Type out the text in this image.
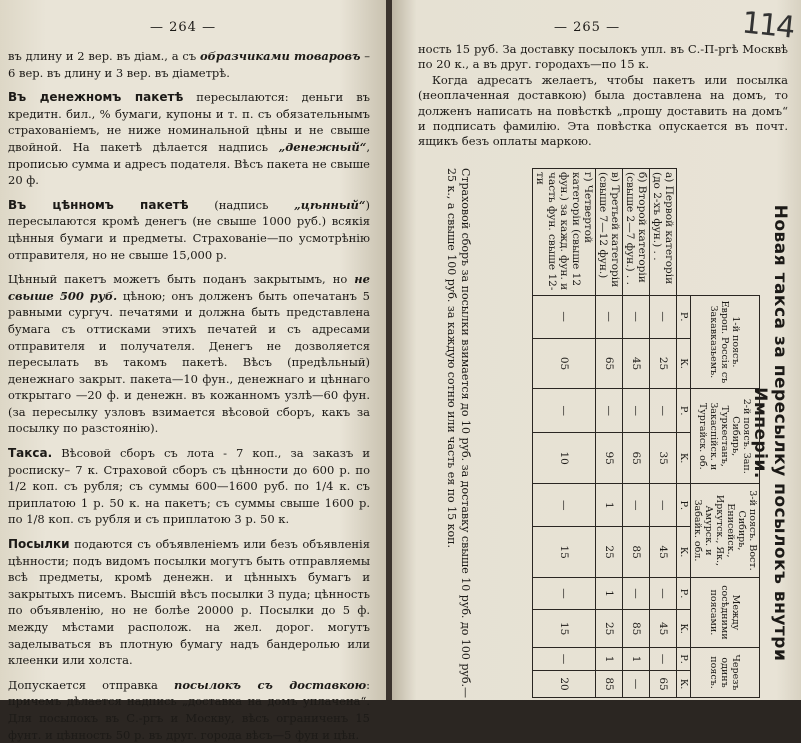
— 264 —

въ длину и 2 вер. въ діам., а съ образчиками товаровъ – 6 вер. въ длину и 3 вер. въ діаметрѣ.

Въ денежномъ пакетѣ пересылаются: деньги въ кредитн. бил., % бумаги, купоны и т. п. съ обязательнымъ страхованіемъ, не ниже номинальной цѣны и не свыше двойной. На пакетѣ дѣлается надпись „денежный“, прописью сумма и адресъ подателя. Вѣсъ пакета не свыше 20 ф.

Въ цѣнномъ пакетѣ (надпись „цѣнный“) пересылаются кромѣ денегъ (не свыше 1000 руб.) всякія цѣнныя бумаги и предметы. Страхованіе—по усмотрѣнію отправителя, но не свыше 15,000 р.

Цѣнный пакетъ можетъ быть поданъ закрытымъ, но не свыше 500 руб. цѣною; онъ долженъ быть опечатанъ 5 равными сургуч. печатями и должна быть представлена бумага съ оттисками этихъ печатей и съ адресами отправителя и получателя. Денегъ не дозволяется пересылать въ такомъ пакетѣ. Вѣсъ (предѣльный) денежнаго закрыт. пакета—10 фун., денежнаго и цѣннаго открытаго —20 ф. и денежн. въ кожанномъ узлѣ—60 фун. (за пересылку узловъ взимается вѣсовой сборъ, какъ за посылку по разстоянію).

Такса. Вѣсовой сборъ съ лота - 7 коп., за заказъ и росписку– 7 к. Страховой сборъ съ цѣнности до 600 р. по 1/2 коп. съ рубля; съ суммы 600—1600 руб. по 1/4 к. съ приплатою 1 р. 50 к. на пакетъ; съ суммы свыше 1600 р. по 1/8 коп. съ рубля и съ приплатою 3 р. 50 к.

Посылки подаются съ объявленіемъ или безъ объявленія цѣнности; подъ видомъ посылки могутъ быть отправляемы всѣ предметы, кромѣ денежн. и цѣнныхъ бумагъ и закрытыхъ писемъ. Высшій вѣсъ посылки 3 пуда; цѣнность по объявленію, но не болѣе 20000 р. Посылки до 5 ф. между мѣстами располож. на жел. дорог. могутъ заделываться въ плотную бумагу надъ бандеролью или клеенки или холста.

Допускается отправка посылокъ съ доставкою: причемъ дѣлается надпись „доставка на домъ уплачена“. Для посылокъ въ С.-ргъ и Москву, вѣсъ ограниченъ 15 фунт. и цѣнность 50 р. въ друг. города вѣсъ—5 фун и цѣн.

— 265 —	114

ность 15 руб. За доставку посылокъ упл. въ С.-П-ргѣ Москвѣ по 20 к., а въ друг. городахъ—по 15 к.

Когда адресатъ желаетъ, чтобы пакетъ или посылка (неоплаченная доставкою) была доставлена на домъ, то долженъ написать на повѣсткѣ „прошу доставить на домъ“ и подписать фамилію. Эта повѣстка опускается въ почт. ящикъ безъ оплаты маркою.

Новая такса за пересылку посылокъ внутри Имперіи.
	1-й поясъ. Европ. Россія съ Закавказьемъ.		2-й поясъ. Зап. Сибирь, Туркестанъ, Закаспійск. и Тургайск. об.		3-й поясъ. Вост. Сибирь, Енисейск., Иркутск., Як., Амурск. и Забайк. обл.		Между сосѣдними поясами.		Черезъ одинъ поясъ.	
	Р.	К.	Р.	К.	Р.	К.	Р.	К.	Р.	К.
а) Первой категоріи (до 2-хъ фун.) . .	—	25	—	35	—	45	—	45	—	65
б) Второй категоріи (свыше 2—7 фун.) . .	—	45	—	65	—	85	—	85	1	—
в) Третьей категоріи (свыше 7—12 фун.)	—	65	—	95	1	25	1	25	1	85
г) Четвертой категоріи (свыше 12 фун.) за кажд. фун. и часть фун. свыше 12-ти	—	05	—	10	—	15	—	15	—	20
Страховой сборъ за посылки взимается до 10 руб. за доставку свыше 10 руб. до 100 руб.—25 к., а свыше 100 руб. за каждую сотню или часть ея по 15 коп.
